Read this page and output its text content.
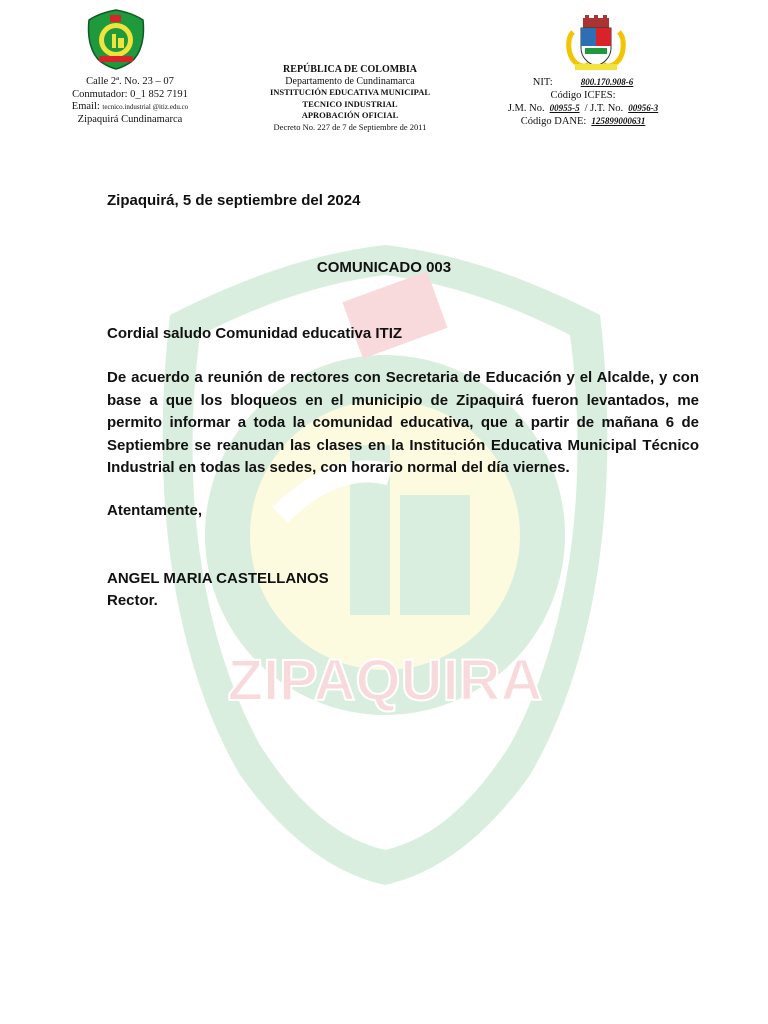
ZIPAQUIRA
Calle 2ª. No. 23 – 07
Conmutador: 0_1 852 7191
Email: tecnico.industrial @itiz.edu.co
Zipaquirá Cundinamarca
REPÚBLICA DE COLOMBIA
Departamento de Cundinamarca
INSTITUCIÓN EDUCATIVA MUNICIPAL
TECNICO INDUSTRIAL
APROBACIÓN OFICIAL
Decreto No. 227 de 7 de Septiembre de 2011
NIT:	800.170.908-6
Código ICFES:
J.M. No. 00955-5 / J.T. No. 00956-3
Código DANE: 125899000631
Zipaquirá, 5 de septiembre del 2024
COMUNICADO 003
Cordial saludo Comunidad educativa ITIZ
De acuerdo a reunión de rectores con Secretaria de Educación y el Alcalde, y con base a que los bloqueos en el municipio de Zipaquirá fueron levantados, me permito informar a toda la comunidad educativa, que a partir de mañana 6 de Septiembre se reanudan las clases en la Institución Educativa Municipal Técnico Industrial en todas las sedes, con horario normal del día viernes.
Atentamente,
ANGEL MARIA CASTELLANOS
Rector.
